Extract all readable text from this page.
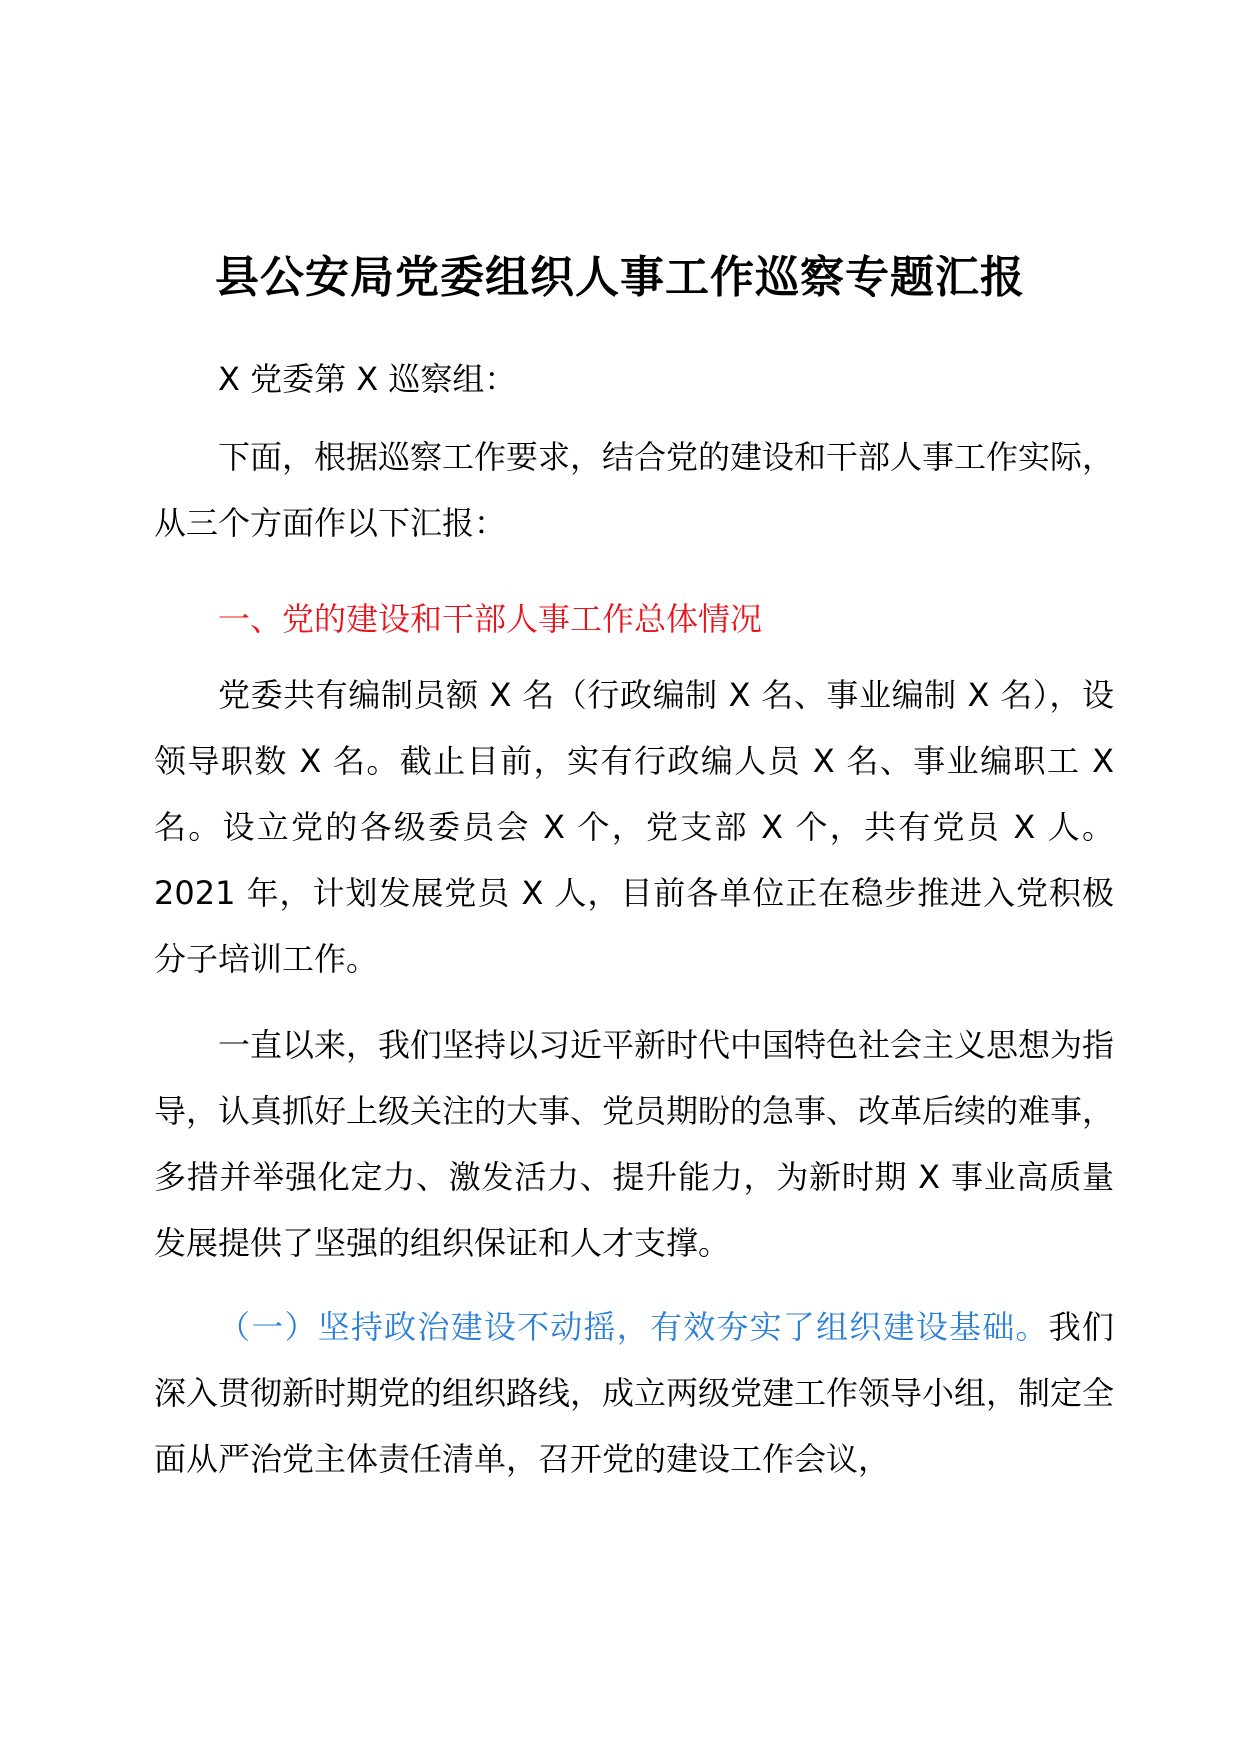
县公安局党委组织人事工作巡察专题汇报

X 党委第 X 巡察组：

下面，根据巡察工作要求，结合党的建设和干部人事工作实际，从三个方面作以下汇报：

一、党的建设和干部人事工作总体情况

党委共有编制员额 X 名（行政编制 X 名、事业编制 X 名），设领导职数 X 名。截止目前，实有行政编人员 X 名、事业编职工 X 名。设立党的各级委员会 X 个，党支部 X 个，共有党员 X 人。2021 年，计划发展党员 X 人，目前各单位正在稳步推进入党积极分子培训工作。

一直以来，我们坚持以习近平新时代中国特色社会主义思想为指导，认真抓好上级关注的大事、党员期盼的急事、改革后续的难事，多措并举强化定力、激发活力、提升能力，为新时期 X 事业高质量发展提供了坚强的组织保证和人才支撑。

（一）坚持政治建设不动摇，有效夯实了组织建设基础。我们深入贯彻新时期党的组织路线，成立两级党建工作领导小组，制定全面从严治党主体责任清单，召开党的建设工作会议，
